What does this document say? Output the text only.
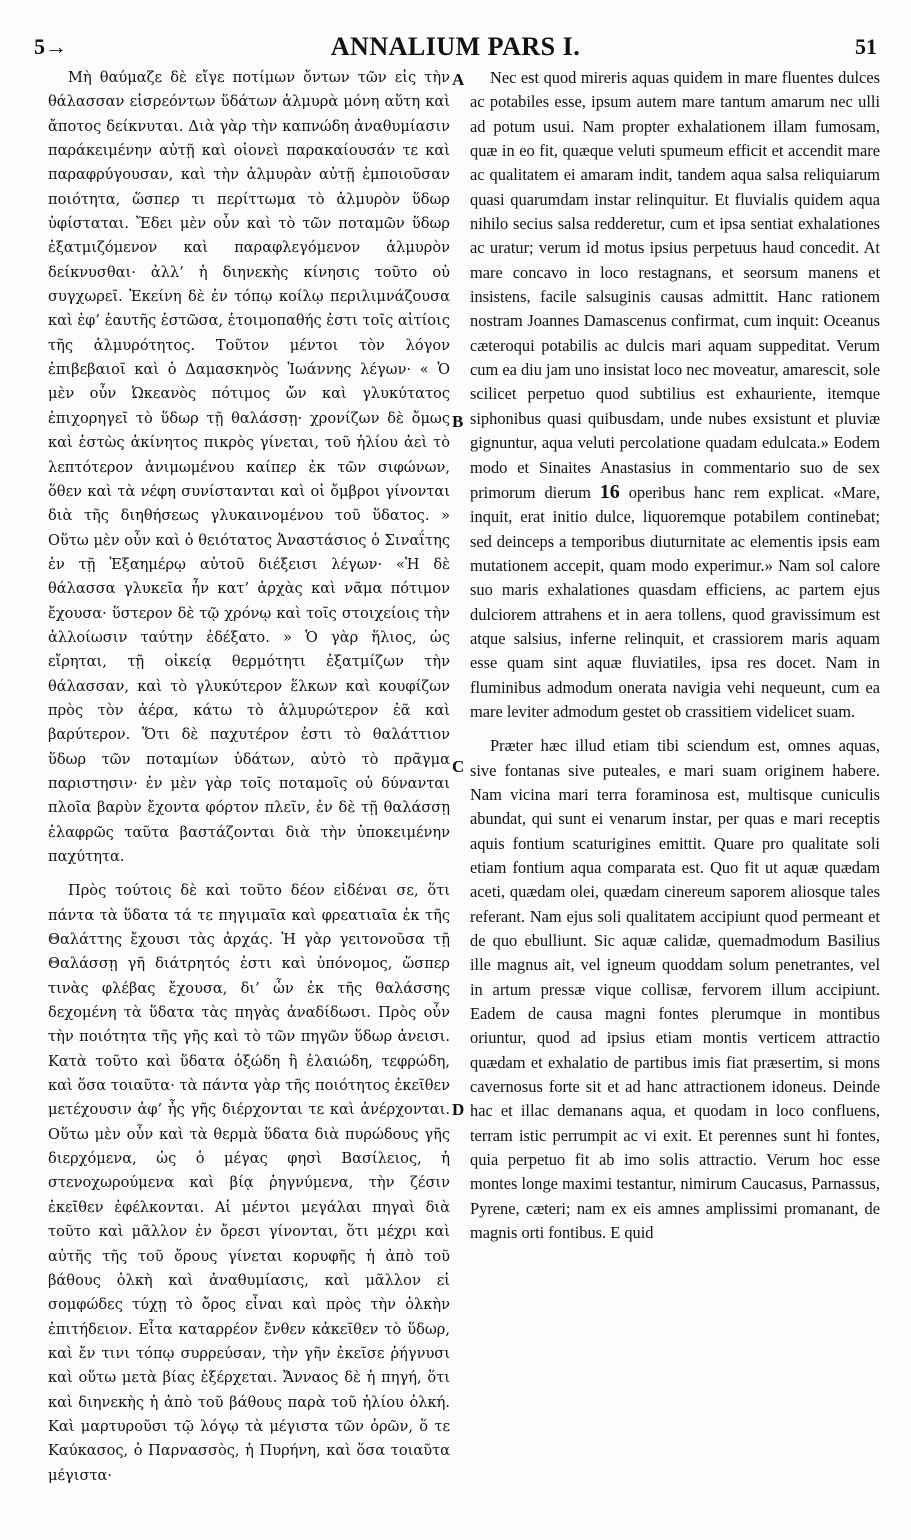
5→	ANNALIUM PARS I.	51

Μὴ θαύμαζε δὲ εἴγε ποτίμων ὄντων τῶν εἰς τὴν θάλασσαν εἰσρεόντων ὕδάτων ἁλμυρὰ μόνη αὕτη καὶ ἄποτος δείκνυται. Διὰ γὰρ τὴν καπνώδη ἀναθυμίασιν παράκειμένην αὐτῇ καὶ οἱονεὶ παρακαίουσάν τε καὶ παραφρύγουσαν, καὶ τὴν ἁλμυρὰν αὐτῇ ἐμποιοῦσαν ποιότητα, ὥσπερ τι περίττωμα τὸ ἁλμυρὸν ὕδωρ ὑφίσταται. Ἔδει μὲν οὖν καὶ τὸ τῶν ποταμῶν ὕδωρ ἐξατμιζόμενον καὶ παραφλεγόμενον ἁλμυρὸν δείκνυσθαι· ἀλλ’ ἡ διηνεκὴς κίνησις τοῦτο οὐ συγχωρεῖ. Ἐκείνη δὲ ἐν τόπῳ κοίλῳ περιλιμνάζουσα καὶ ἐφ’ ἑαυτῆς ἑστῶσα, ἑτοιμοπαθής ἐστι τοῖς αἰτίοις τῆς ἁλμυρότητος. Τοῦτον μέντοι τὸν λόγον ἐπιβεβαιοῖ καὶ ὁ Δαμασκηνὸς Ἰωάννης λέγων· « Ὁ μὲν οὖν Ὠκεανὸς πότιμος ὤν καὶ γλυκύτατος ἐπιχορηγεῖ τὸ ὕδωρ τῇ θαλάσσῃ· χρονίζων δὲ ὄμως καὶ ἑστὼς ἀκίνητος πικρὸς γίνεται, τοῦ ἡλίου ἀεὶ τὸ λεπτότερον ἀνιμωμένου καίπερ ἐκ τῶν σιφώνων, ὅθεν καὶ τὰ νέφη συνίστανται καὶ οἱ ὄμβροι γίνονται διὰ τῆς διηθήσεως γλυκαινομένου τοῦ ὕδατος. » Οὕτω μὲν οὖν καὶ ὁ θειότατος Ἀναστάσιος ὁ Σιναΐτης ἐν τῇ Ἐξαημέρῳ αὐτοῦ διέξεισι λέγων· «Ἡ δὲ θάλασσα γλυκεῖα ἦν κατ’ ἀρχὰς καὶ νᾶμα πότιμον ἔχουσα· ὕστερον δὲ τῷ χρόνῳ καὶ τοῖς στοιχείοις τὴν ἀλλοίωσιν ταύτην ἐδέξατο. » Ὁ γὰρ ἥλιος, ὡς εἴρηται, τῇ οἰκείᾳ θερμότητι ἐξατμίζων τὴν θάλασσαν, καὶ τὸ γλυκύτερον ἕλκων καὶ κουφίζων πρὸς τὸν ἀέρα, κάτω τὸ ἁλμυρώτερον ἐᾶ καὶ βαρύτερον. Ὅτι δὲ παχυτέρον ἐστι τὸ θαλάττιον ὕδωρ τῶν ποταμίων ὑδάτων, αὐτὸ τὸ πρᾶγμα παριστησιν· ἐν μὲν γὰρ τοῖς ποταμοῖς οὐ δύνανται πλοῖα βαρὺν ἔχοντα φόρτον πλεῖν, ἐν δὲ τῇ θαλάσσῃ ἐλαφρῶς ταῦτα βαστάζονται διὰ τὴν ὑποκειμένην παχύτητα.

Πρὸς τούτοις δὲ καὶ τοῦτο δέον εἰδέναι σε, ὅτι πάντα τὰ ὕδατα τά τε πηγιμαῖα καὶ φρεατιαῖα ἐκ τῆς Θαλάττης ἔχουσι τὰς ἀρχάς. Ἡ γὰρ γειτονοῦσα τῇ Θαλάσσῃ γῆ διάτρητός ἐστι καὶ ὑπόνομος, ὥσπερ τινὰς φλέβας ἔχουσα, δι’ ὧν ἐκ τῆς θαλάσσης δεχομένη τὰ ὕδατα τὰς πηγὰς ἀναδίδωσι. Πρὸς οὖν τὴν ποιότητα τῆς γῆς καὶ τὸ τῶν πηγῶν ὕδωρ ἀνεισι. Κατὰ τοῦτο καὶ ὕδατα ὀξώδη ἢ ἐλαιώδη, τεφρώδη, καὶ ὅσα τοιαῦτα· τὰ πάντα γὰρ τῆς ποιότητος ἐκεῖθεν μετέχουσιν ἀφ’ ἧς γῆς διέρχονται τε καὶ ἀνέρχονται. Οὕτω μὲν οὖν καὶ τὰ θερμὰ ὕδατα διὰ πυρώδους γῆς διερχόμενα, ὡς ὁ μέγας φησὶ Βασίλειος, ἡ στενοχωρούμενα καὶ βίᾳ ῥηγνύμενα, τὴν ζέσιν ἐκεῖθεν ἐφέλκονται. Αἱ μέντοι μεγάλαι πηγαὶ διὰ τοῦτο καὶ μᾶλλον ἐν ὄρεσι γίνονται, ὅτι μέχρι καὶ αὐτῆς τῆς τοῦ ὄρους γίνεται κορυφῆς ἡ ἀπὸ τοῦ βάθους ὁλκὴ καὶ ἀναθυμίασις, καὶ μᾶλλον εἰ σομφώδες τύχῃ τὸ ὄρος εἶναι καὶ πρὸς τὴν ὁλκὴν ἐπιτήδειον. Εἶτα καταρρέον ἔνθεν κἀκεῖθεν τὸ ὕδωρ, καὶ ἔν τινι τόπῳ συρρεύσαν, τὴν γῆν ἐκεῖσε ῥήγνυσι καὶ οὕτω μετὰ βίας ἐξέρχεται. Ἄνναος δὲ ἡ πηγή, ὅτι καὶ διηνεκὴς ἡ ἀπὸ τοῦ βάθους παρὰ τοῦ ἡλίου ὁλκή. Καὶ μαρτυροῦσι τῷ λόγῳ τὰ μέγιστα τῶν ὀρῶν, ὅ τε Καύκασος, ὁ Παρνασσὸς, ἡ Πυρήνη, καὶ ὅσα τοιαῦτα μέγιστα·

A
B
C
D

Nec est quod mireris aquas quidem in mare fluentes dulces ac potabiles esse, ipsum autem mare tantum amarum nec ulli ad potum usui. Nam propter exhalationem illam fumosam, quæ in eo fit, quæque veluti spumeum efficit et accendit mare ac qualitatem ei amaram indit, tandem aqua salsa reliquiarum quasi quarumdam instar relinquitur. Et fluvialis quidem aqua nihilo secius salsa redderetur, cum et ipsa sentiat exhalationes ac uratur; verum id motus ipsius perpetuus haud concedit. At mare concavo in loco restagnans, et seorsum manens et insistens, facile salsuginis causas admittit. Hanc rationem nostram Joannes Damascenus confirmat, cum inquit: Oceanus cæteroqui potabilis ac dulcis mari aquam suppeditat. Verum cum ea diu jam uno insistat loco nec moveatur, amarescit, sole scilicet perpetuo quod subtilius est exhauriente, itemque siphonibus quasi quibusdam, unde nubes exsistunt et pluviæ gignuntur, aqua veluti percolatione quadam edulcata.» Eodem modo et Sinaites Anastasius in commentario suo de sex primorum dierum 16 operibus hanc rem explicat. «Mare, inquit, erat initio dulce, liquoremque potabilem continebat; sed deinceps a temporibus diuturnitate ac elementis ipsis eam mutationem accepit, quam modo experimur.» Nam sol calore suo maris exhalationes quasdam efficiens, ac partem ejus dulciorem attrahens et in aera tollens, quod gravissimum est atque salsius, inferne relinquit, et crassiorem maris aquam esse quam sint aquæ fluviatiles, ipsa res docet. Nam in fluminibus admodum onerata navigia vehi nequeunt, cum ea mare leviter admodum gestet ob crassitiem videlicet suam.

Præter hæc illud etiam tibi sciendum est, omnes aquas, sive fontanas sive puteales, e mari suam originem habere. Nam vicina mari terra foraminosa est, multisque cuniculis abundat, qui sunt ei venarum instar, per quas e mari receptis aquis fontium scaturigines emittit. Quare pro qualitate soli etiam fontium aqua comparata est. Quo fit ut aquæ quædam aceti, quædam olei, quædam cinereum saporem aliosque tales referant. Nam ejus soli qualitatem accipiunt quod permeant et de quo ebulliunt. Sic aquæ calidæ, quemadmodum Basilius ille magnus ait, vel igneum quoddam solum penetrantes, vel in artum pressæ vique collisæ, fervorem illum accipiunt. Eadem de causa magni fontes plerumque in montibus oriuntur, quod ad ipsius etiam montis verticem attractio quædam et exhalatio de partibus imis fiat præsertim, si mons cavernosus forte sit et ad hanc attractionem idoneus. Deinde hac et illac demanans aqua, et quodam in loco confluens, terram istic perrumpit ac vi exit. Et perennes sunt hi fontes, quia perpetuo fit ab imo solis attractio. Verum hoc esse montes longe maximi testantur, nimirum Caucasus, Parnassus, Pyrene, cæteri; nam ex eis amnes amplissimi promanant, de magnis orti fontibus. E quid
